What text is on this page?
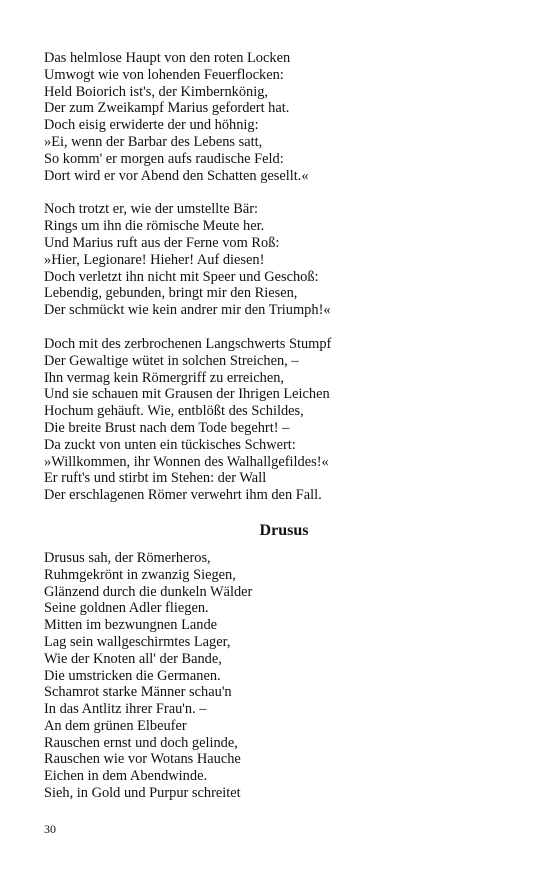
Das helmlose Haupt von den roten Locken
Umwogt wie von lohenden Feuerflocken:
Held Boiorich ist's, der Kimbernkönig,
Der zum Zweikampf Marius gefordert hat.
Doch eisig erwiderte der und höhnig:
»Ei, wenn der Barbar des Lebens satt,
So komm' er morgen aufs raudische Feld:
Dort wird er vor Abend den Schatten gesellt.«
Noch trotzt er, wie der umstellte Bär:
Rings um ihn die römische Meute her.
Und Marius ruft aus der Ferne vom Roß:
»Hier, Legionare! Hieher! Auf diesen!
Doch verletzt ihn nicht mit Speer und Geschoß:
Lebendig, gebunden, bringt mir den Riesen,
Der schmückt wie kein andrer mir den Triumph!«
Doch mit des zerbrochenen Langschwerts Stumpf
Der Gewaltige wütet in solchen Streichen, –
Ihn vermag kein Römergriff zu erreichen,
Und sie schauen mit Grausen der Ihrigen Leichen
Hochum gehäuft. Wie, entblößt des Schildes,
Die breite Brust nach dem Tode begehrt! –
Da zuckt von unten ein tückisches Schwert:
»Willkommen, ihr Wonnen des Walhallgefildes!«
Er ruft's und stirbt im Stehen: der Wall
Der erschlagenen Römer verwehrt ihm den Fall.
Drusus
Drusus sah, der Römerheros,
Ruhmgekrönt in zwanzig Siegen,
Glänzend durch die dunkeln Wälder
Seine goldnen Adler fliegen.
Mitten im bezwungnen Lande
Lag sein wallgeschirmtes Lager,
Wie der Knoten all' der Bande,
Die umstricken die Germanen.
Schamrot starke Männer schau'n
In das Antlitz ihrer Frau'n. –
An dem grünen Elbeufer
Rauschen ernst und doch gelinde,
Rauschen wie vor Wotans Hauche
Eichen in dem Abendwinde.
Sieh, in Gold und Purpur schreitet
30
